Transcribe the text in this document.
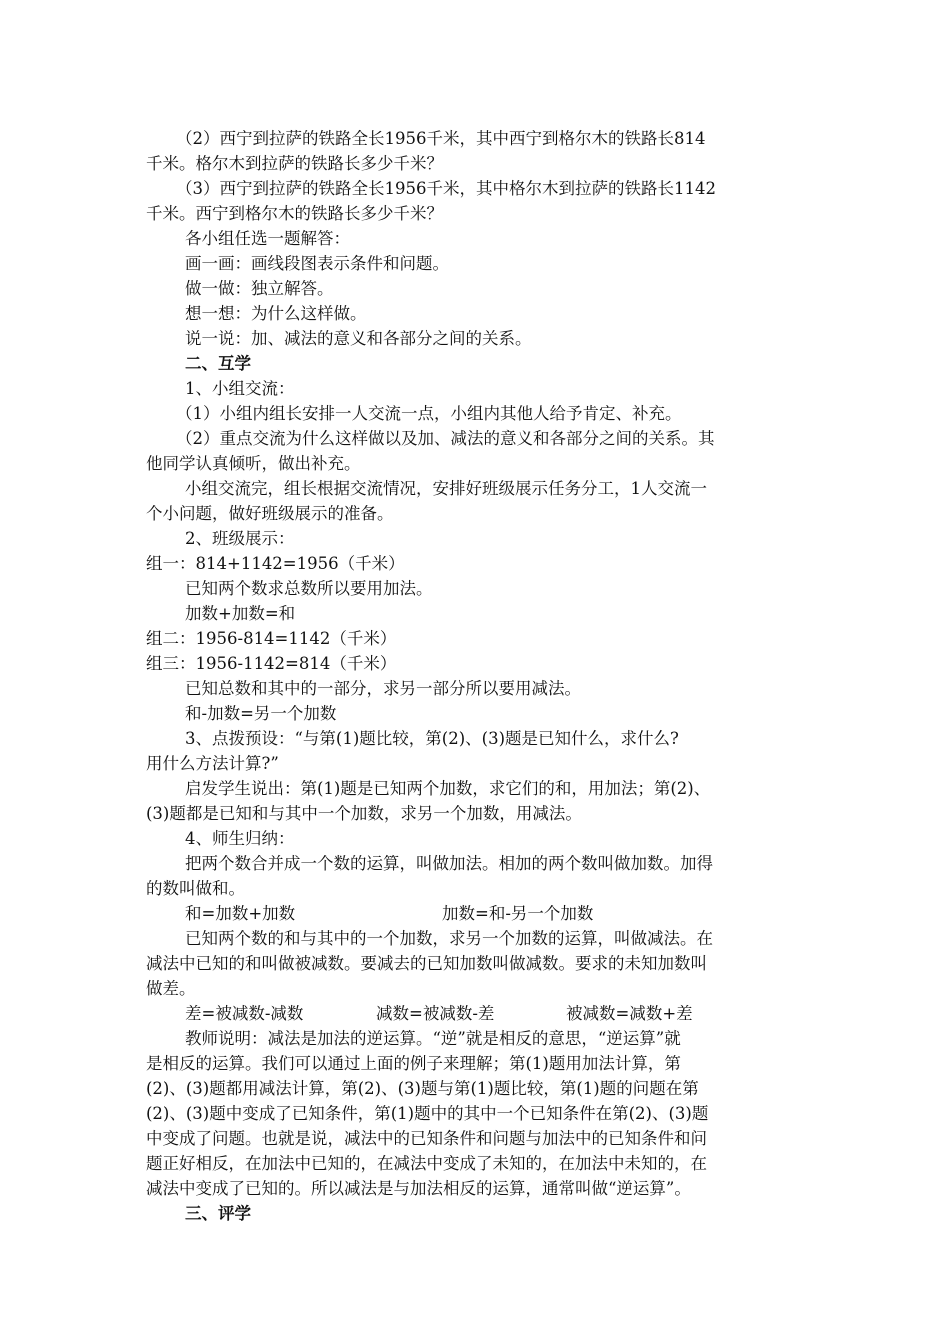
（2）西宁到拉萨的铁路全长1956千米，其中西宁到格尔木的铁路长814
千米。格尔木到拉萨的铁路长多少千米？
（3）西宁到拉萨的铁路全长1956千米，其中格尔木到拉萨的铁路长1142
千米。西宁到格尔木的铁路长多少千米？
各小组任选一题解答：
画一画：画线段图表示条件和问题。
做一做：独立解答。
想一想：为什么这样做。
说一说：加、减法的意义和各部分之间的关系。
二、互学
1、小组交流：
（1）小组内组长安排一人交流一点，小组内其他人给予肯定、补充。
（2）重点交流为什么这样做以及加、减法的意义和各部分之间的关系。其
他同学认真倾听，做出补充。
小组交流完，组长根据交流情况，安排好班级展示任务分工，1人交流一
个小问题，做好班级展示的准备。
2、班级展示：
组一：814+1142=1956（千米）
已知两个数求总数所以要用加法。
加数+加数=和
组二：1956-814=1142（千米）
组三：1956-1142=814（千米）
已知总数和其中的一部分，求另一部分所以要用减法。
和-加数=另一个加数
3、点拨预设：“与第(1)题比较，第(2)、(3)题是已知什么，求什么?
用什么方法计算?”
启发学生说出：第(1)题是已知两个加数，求它们的和，用加法；第(2)、
(3)题都是已知和与其中一个加数，求另一个加数，用减法。
4、师生归纳：
把两个数合并成一个数的运算，叫做加法。相加的两个数叫做加数。加得
的数叫做和。
和=加数+加数	加数=和-另一个加数
已知两个数的和与其中的一个加数，求另一个加数的运算，叫做减法。在
减法中已知的和叫做被减数。要减去的已知加数叫做减数。要求的未知加数叫
做差。
差=被减数-减数	减数=被减数-差	被减数=减数+差
教师说明：减法是加法的逆运算。“逆”就是相反的意思，“逆运算”就
是相反的运算。我们可以通过上面的例子来理解；第(1)题用加法计算，第
(2)、(3)题都用减法计算，第(2)、(3)题与第(1)题比较，第(1)题的问题在第
(2)、(3)题中变成了已知条件，第(1)题中的其中一个已知条件在第(2)、(3)题
中变成了问题。也就是说，减法中的已知条件和问题与加法中的已知条件和问
题正好相反，在加法中已知的，在减法中变成了未知的，在加法中未知的，在
减法中变成了已知的。所以减法是与加法相反的运算，通常叫做“逆运算”。
三、评学
